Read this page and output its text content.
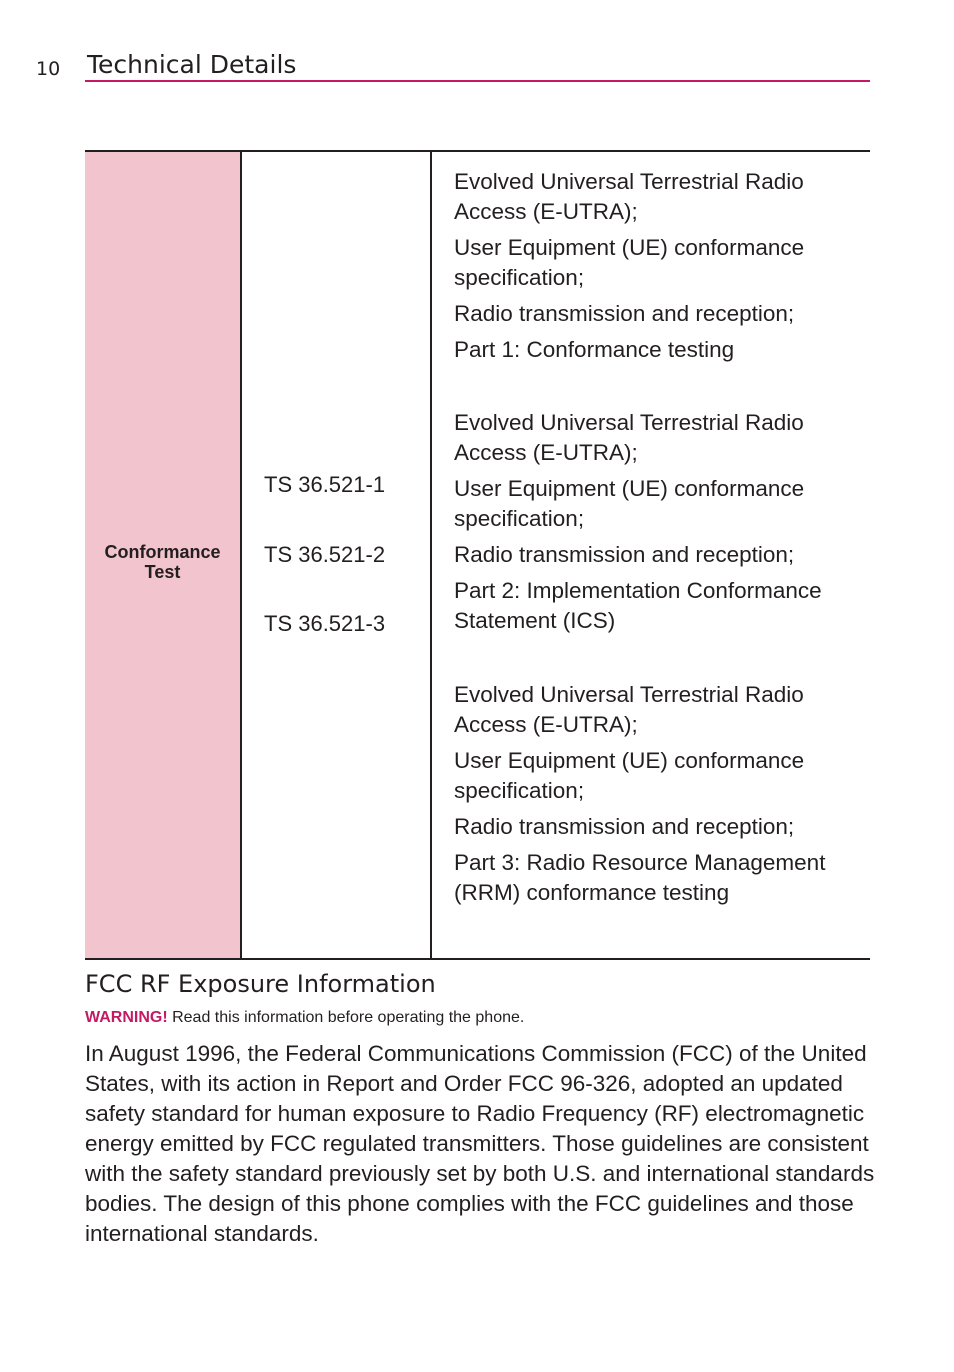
10 Technical Details
Conformance Test
TS 36.521-1
TS 36.521-2
TS 36.521-3

Evolved Universal Terrestrial Radio Access (E-UTRA);

User Equipment (UE) conformance specification;

Radio transmission and reception;

Part 1: Conformance testing

Evolved Universal Terrestrial Radio Access (E-UTRA);

User Equipment (UE) conformance specification;

Radio transmission and reception;

Part 2: Implementation Conformance Statement (ICS)

Evolved Universal Terrestrial Radio Access (E-UTRA);

User Equipment (UE) conformance specification;

Radio transmission and reception;

Part 3: Radio Resource Management (RRM) conformance testing

FCC RF Exposure Information
WARNING! Read this information before operating the phone.

In August 1996, the Federal Communications Commission (FCC) of the United States, with its action in Report and Order FCC 96-326, adopted an updated safety standard for human exposure to Radio Frequency (RF) electromagnetic energy emitted by FCC regulated transmitters. Those guidelines are consistent with the safety standard previously set by both U.S. and international standards bodies. The design of this phone complies with the FCC guidelines and those international standards.
